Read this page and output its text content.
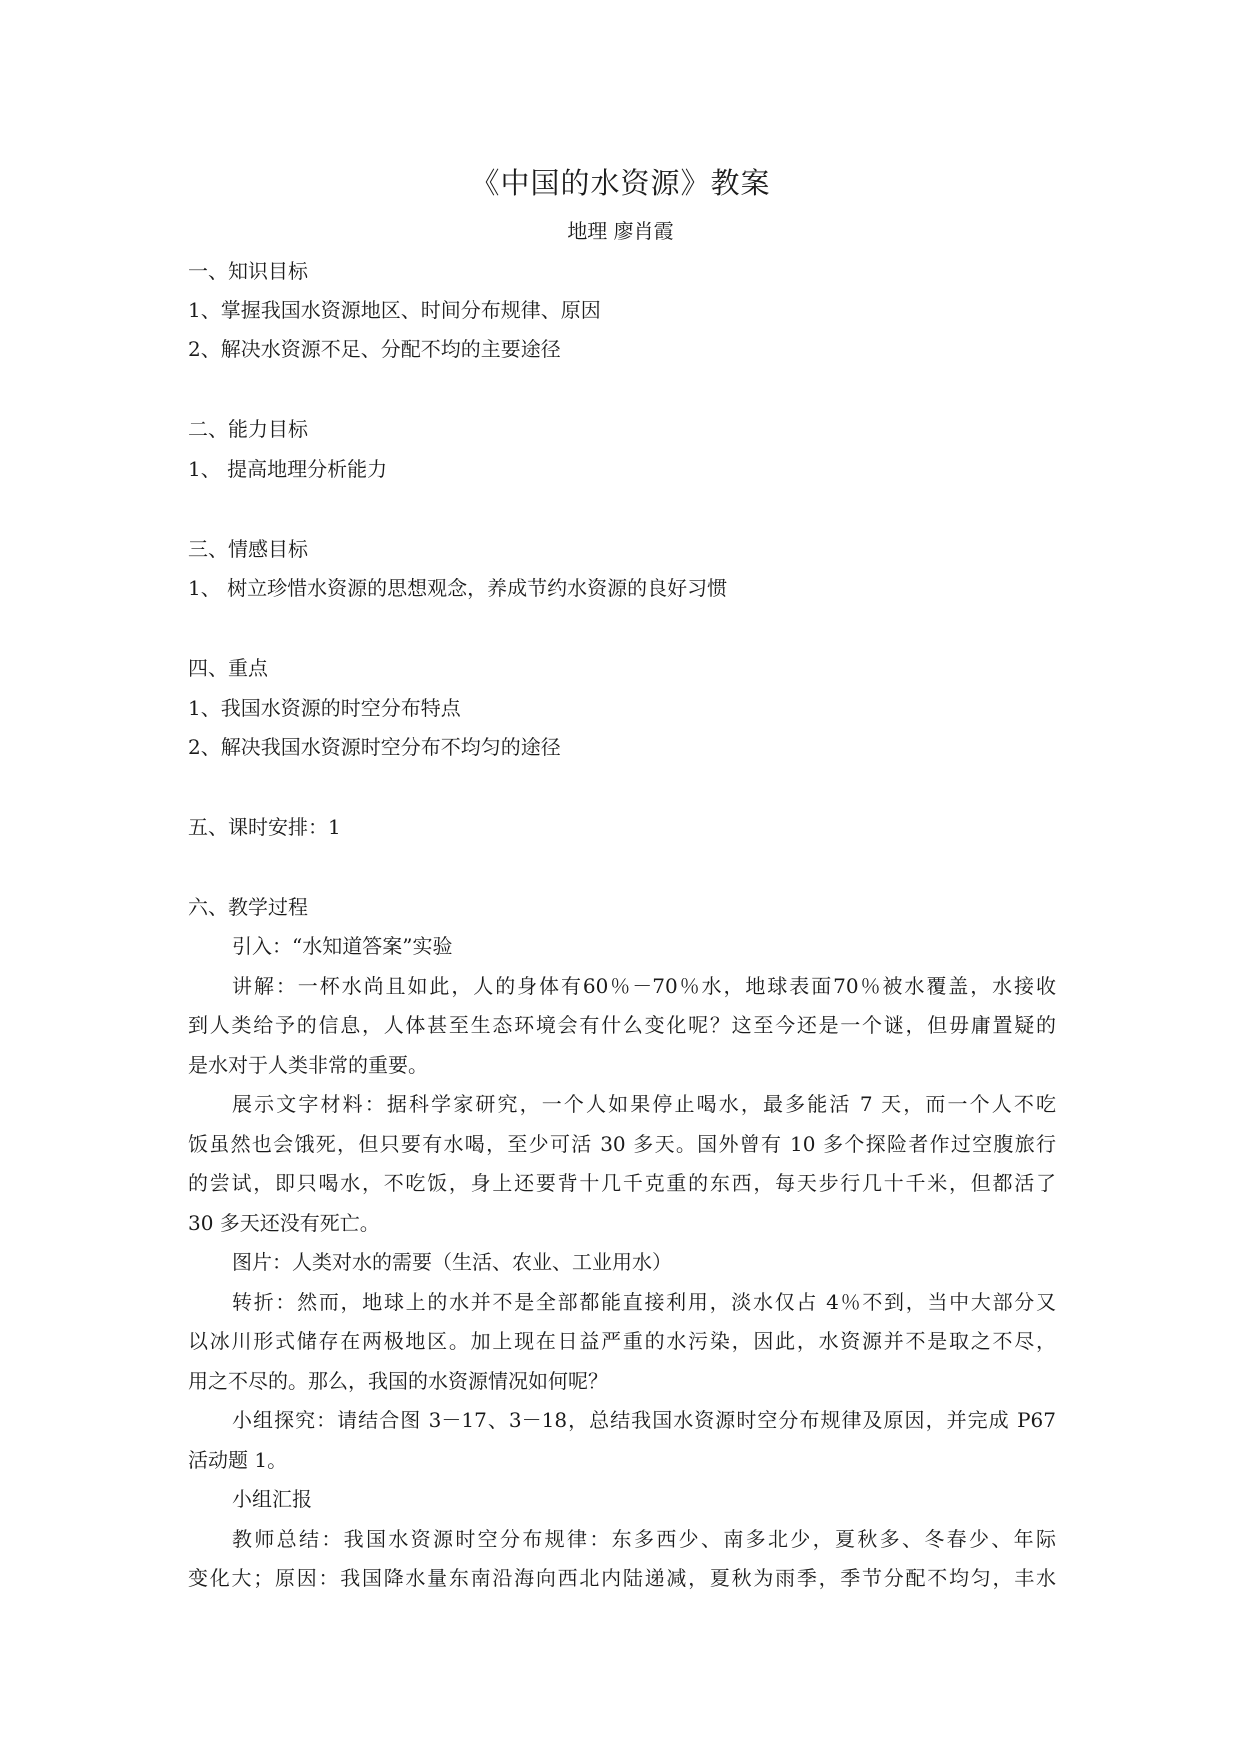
《中国的水资源》教案
地理 廖肖霞
一、知识目标
1、掌握我国水资源地区、时间分布规律、原因
2、解决水资源不足、分配不均的主要途径
二、能力目标
1、 提高地理分析能力
三、情感目标
1、 树立珍惜水资源的思想观念，养成节约水资源的良好习惯
四、重点
1、我国水资源的时空分布特点
2、解决我国水资源时空分布不均匀的途径
五、课时安排：1
六、教学过程
引入：“水知道答案”实验
讲解：一杯水尚且如此，人的身体有60％－70％水，地球表面70％被水覆盖，水接收
到人类给予的信息，人体甚至生态环境会有什么变化呢？这至今还是一个谜，但毋庸置疑的
是水对于人类非常的重要。
展示文字材料：据科学家研究，一个人如果停止喝水，最多能活 7 天，而一个人不吃
饭虽然也会饿死，但只要有水喝，至少可活 30 多天。国外曾有 10 多个探险者作过空腹旅行
的尝试，即只喝水，不吃饭，身上还要背十几千克重的东西，每天步行几十千米，但都活了
30 多天还没有死亡。
图片：人类对水的需要（生活、农业、工业用水）
转折：然而，地球上的水并不是全部都能直接利用，淡水仅占 4％不到，当中大部分又
以冰川形式储存在两极地区。加上现在日益严重的水污染，因此，水资源并不是取之不尽，
用之不尽的。那么，我国的水资源情况如何呢？
小组探究：请结合图 3－17、3－18，总结我国水资源时空分布规律及原因，并完成 P67
活动题 1。
小组汇报
教师总结：我国水资源时空分布规律：东多西少、南多北少，夏秋多、冬春少、年际
变化大；原因：我国降水量东南沿海向西北内陆递减，夏秋为雨季，季节分配不均匀，丰水
